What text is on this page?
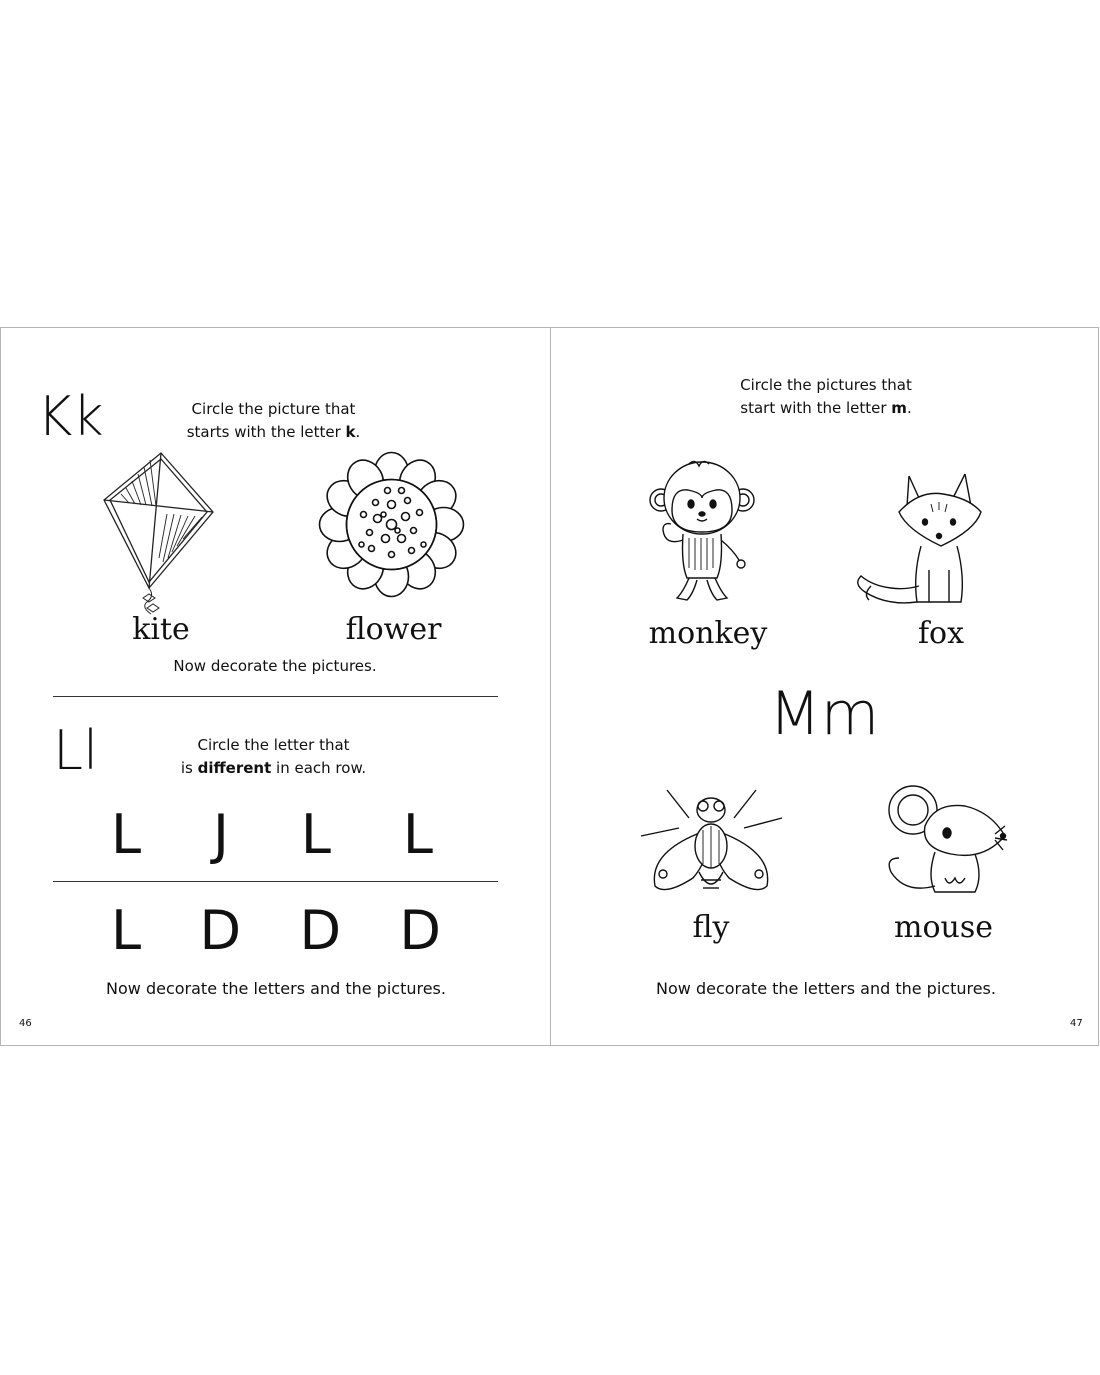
Kk	Circle the picture that
starts with the letter k.
kite	flower
Now decorate the pictures.
Ll	Circle the letter that
is different in each row.
L J L L
L D D D
Now decorate the letters and the pictures.
46
Circle the pictures that
start with the letter m.
monkey	fox
Mm
fly	mouse
Now decorate the letters and the pictures.
47
